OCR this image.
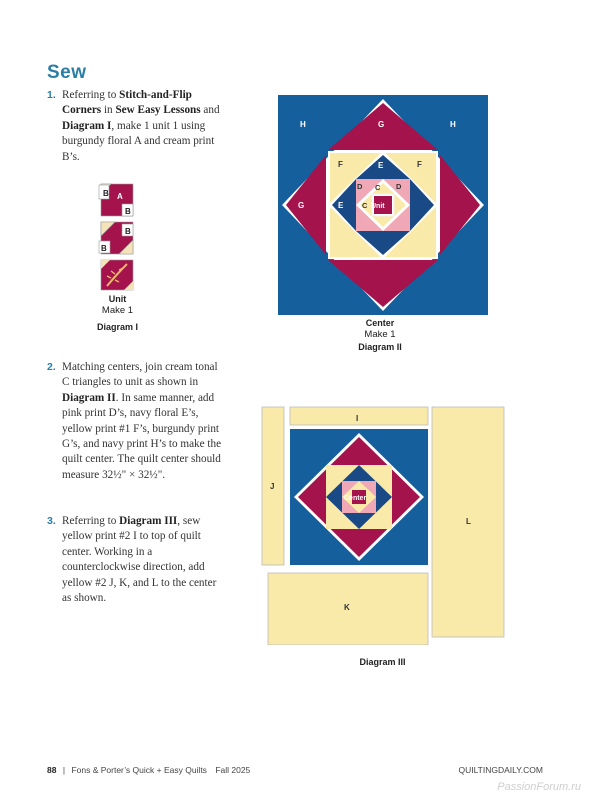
Sew
1. Referring to Stitch-and-Flip Corners in Sew Easy Lessons and Diagram I, make 1 unit 1 using burgundy floral A and cream print B’s.
B A
B
B
B
Unit
Make 1
Diagram I
H	H
G
G
F	F
E
E
D	D
C
C Unit
Center
Make 1
Diagram II
2. Matching centers, join cream tonal C triangles to unit as shown in Diagram II. In same manner, add pink print D’s, navy floral E’s, yellow print #1 F’s, burgundy print G’s, and navy print H’s to make the quilt center. The quilt center should measure 32½" × 32½".
3. Referring to Diagram III, sew yellow print #2 I to top of quilt center. Working in a counterclockwise direction, add yellow #2 J, K, and L to the center as shown.
I
J
L
K
Center
Diagram III
88 | Fons & Porter’s Quick + Easy Quilts Fall 2025	QUILTINGDAILY.COM
PassionForum.ru
